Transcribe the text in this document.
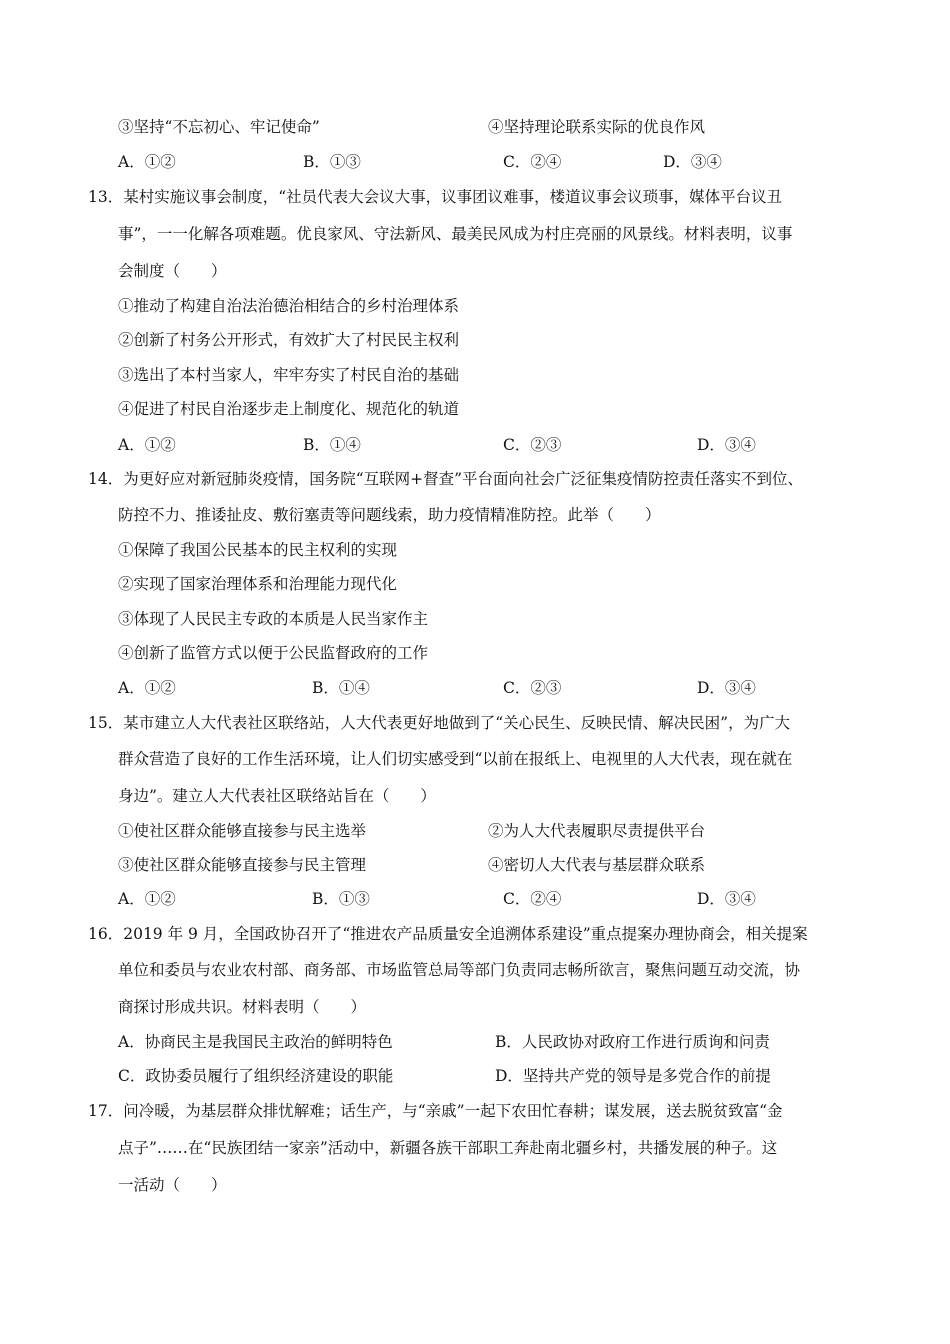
③坚持“不忘初心、牢记使命”	④坚持理论联系实际的优良作风
A．①②	B．①③	C．②④	D．③④
13．某村实施议事会制度，“社员代表大会议大事，议事团议难事，楼道议事会议琐事，媒体平台议丑
事”，一一化解各项难题。优良家风、守法新风、最美民风成为村庄亮丽的风景线。材料表明，议事
会制度（　　）
①推动了构建自治法治德治相结合的乡村治理体系
②创新了村务公开形式，有效扩大了村民民主权利
③选出了本村当家人，牢牢夯实了村民自治的基础
④促进了村民自治逐步走上制度化、规范化的轨道
A．①②	B．①④	C．②③	D．③④
14．为更好应对新冠肺炎疫情，国务院“互联网+督查”平台面向社会广泛征集疫情防控责任落实不到位、
防控不力、推诿扯皮、敷衍塞责等问题线索，助力疫情精准防控。此举（　　）
①保障了我国公民基本的民主权利的实现
②实现了国家治理体系和治理能力现代化
③体现了人民民主专政的本质是人民当家作主
④创新了监管方式以便于公民监督政府的工作
A．①②	B．①④	C．②③	D．③④
15．某市建立人大代表社区联络站，人大代表更好地做到了“关心民生、反映民情、解决民困”，为广大
群众营造了良好的工作生活环境，让人们切实感受到“以前在报纸上、电视里的人大代表，现在就在
身边”。建立人大代表社区联络站旨在（　　）
①使社区群众能够直接参与民主选举	②为人大代表履职尽责提供平台
③使社区群众能够直接参与民主管理	④密切人大代表与基层群众联系
A．①②	B．①③	C．②④	D．③④
16．2019 年 9 月，全国政协召开了“推进农产品质量安全追溯体系建设”重点提案办理协商会，相关提案
单位和委员与农业农村部、商务部、市场监管总局等部门负责同志畅所欲言，聚焦问题互动交流，协
商探讨形成共识。材料表明（　　）
A．协商民主是我国民主政治的鲜明特色	B．人民政协对政府工作进行质询和问责
C．政协委员履行了组织经济建设的职能	D．坚持共产党的领导是多党合作的前提
17．问冷暖，为基层群众排忧解难；话生产，与“亲戚”一起下农田忙春耕；谋发展，送去脱贫致富“金
点子”……在“民族团结一家亲”活动中，新疆各族干部职工奔赴南北疆乡村，共播发展的种子。这
一活动（　　）
